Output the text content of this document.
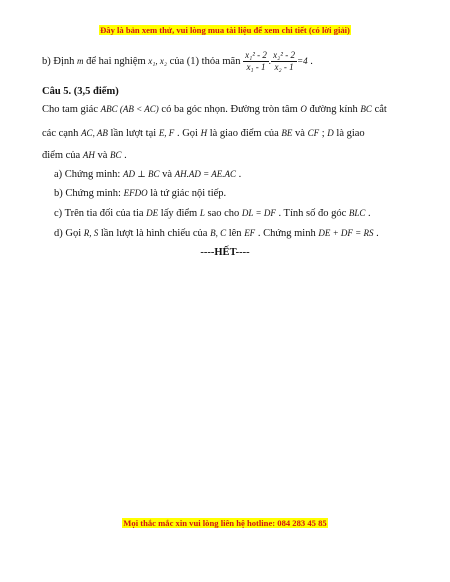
Đây là bản xem thử, vui lòng mua tài liệu để xem chi tiết (có lời giải)
b) Định m để hai nghiệm x₁, x₂ của (1) thỏa mãn $\frac{\text{x₁² - 2}}{\text{x₁ - 1}}$ . $\frac{\text{x₂² - 2}}{\text{x₂ - 1}} =4$ .
Câu 5. (3,5 điểm)
Cho tam giác ABC (AB < AC) có ba góc nhọn. Đường tròn tâm O đường kính BC cắt
các cạnh AC, AB lần lượt tại E, F . Gọi H là giao điểm của BE và CF ; D là giao
điểm của AH và BC .
a) Chứng minh: AD ⊥ BC và AH.AD = AE.AC .
b) Chứng minh: EFDO là tứ giác nội tiếp.
c) Trên tia đối của tia DE lấy điểm L sao cho DL = DF . Tính số đo góc BLC .
d) Gọi R, S lần lượt là hình chiếu của B, C lên EF . Chứng minh DE + DF = RS .
----HẾT----
Mọi thắc mắc xin vui lòng liên hệ hotline: 084 283 45 85
